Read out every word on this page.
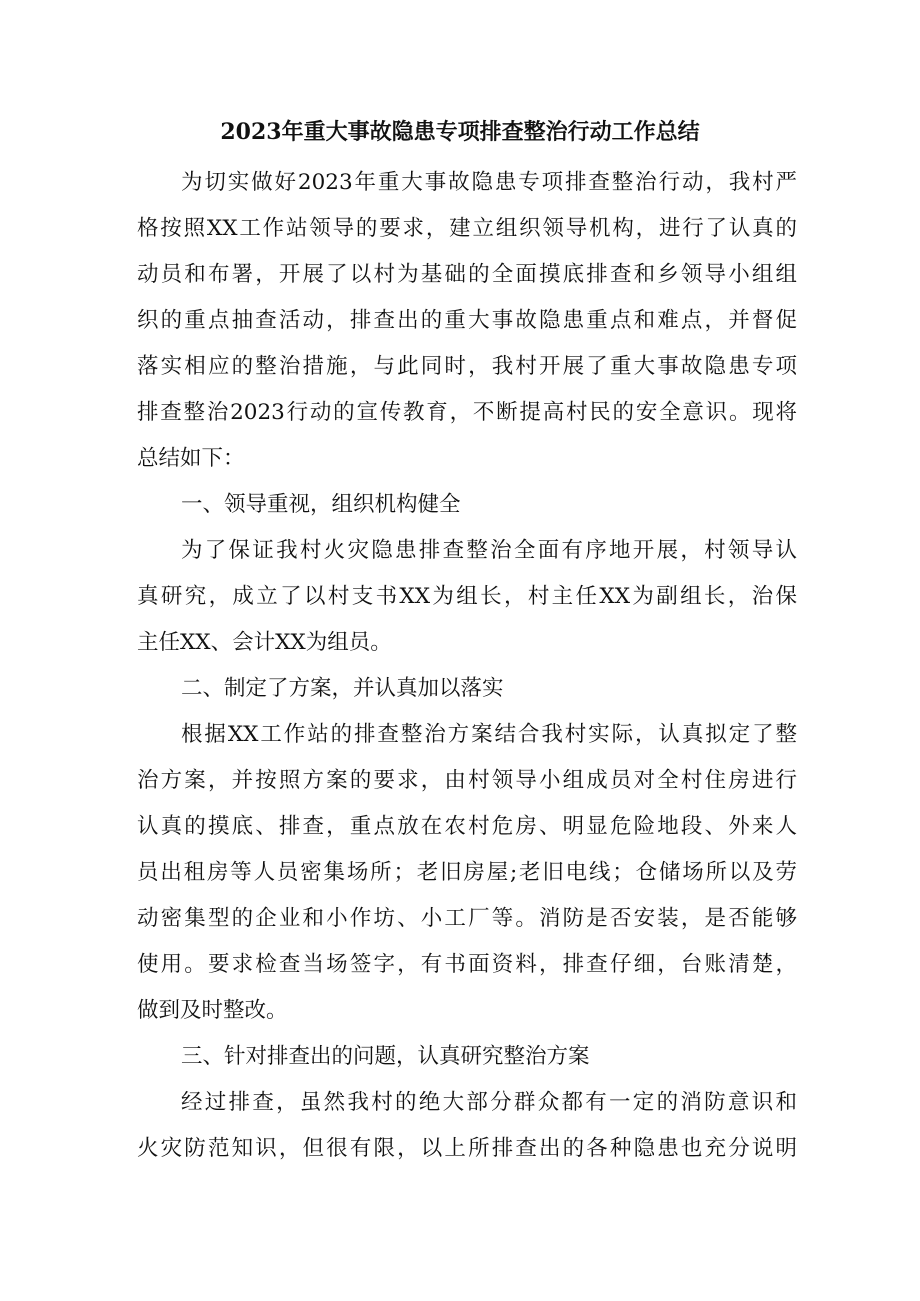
2023年重大事故隐患专项排查整治行动工作总结
为切实做好2023年重大事故隐患专项排查整治行动，我村严
格按照XX工作站领导的要求，建立组织领导机构，进行了认真的
动员和布署，开展了以村为基础的全面摸底排查和乡领导小组组
织的重点抽查活动，排查出的重大事故隐患重点和难点，并督促
落实相应的整治措施，与此同时，我村开展了重大事故隐患专项
排查整治2023行动的宣传教育，不断提高村民的安全意识。现将
总结如下：
一、领导重视，组织机构健全
为了保证我村火灾隐患排查整治全面有序地开展，村领导认
真研究，成立了以村支书XX为组长，村主任XX为副组长，治保
主任XX、会计XX为组员。
二、制定了方案，并认真加以落实
根据XX工作站的排查整治方案结合我村实际，认真拟定了整
治方案，并按照方案的要求，由村领导小组成员对全村住房进行
认真的摸底、排查，重点放在农村危房、明显危险地段、外来人
员出租房等人员密集场所；老旧房屋;老旧电线；仓储场所以及劳
动密集型的企业和小作坊、小工厂等。消防是否安装，是否能够
使用。要求检查当场签字，有书面资料，排查仔细，台账清楚，
做到及时整改。
三、针对排查出的问题，认真研究整治方案
经过排查，虽然我村的绝大部分群众都有一定的消防意识和
火灾防范知识，但很有限，以上所排查出的各种隐患也充分说明
